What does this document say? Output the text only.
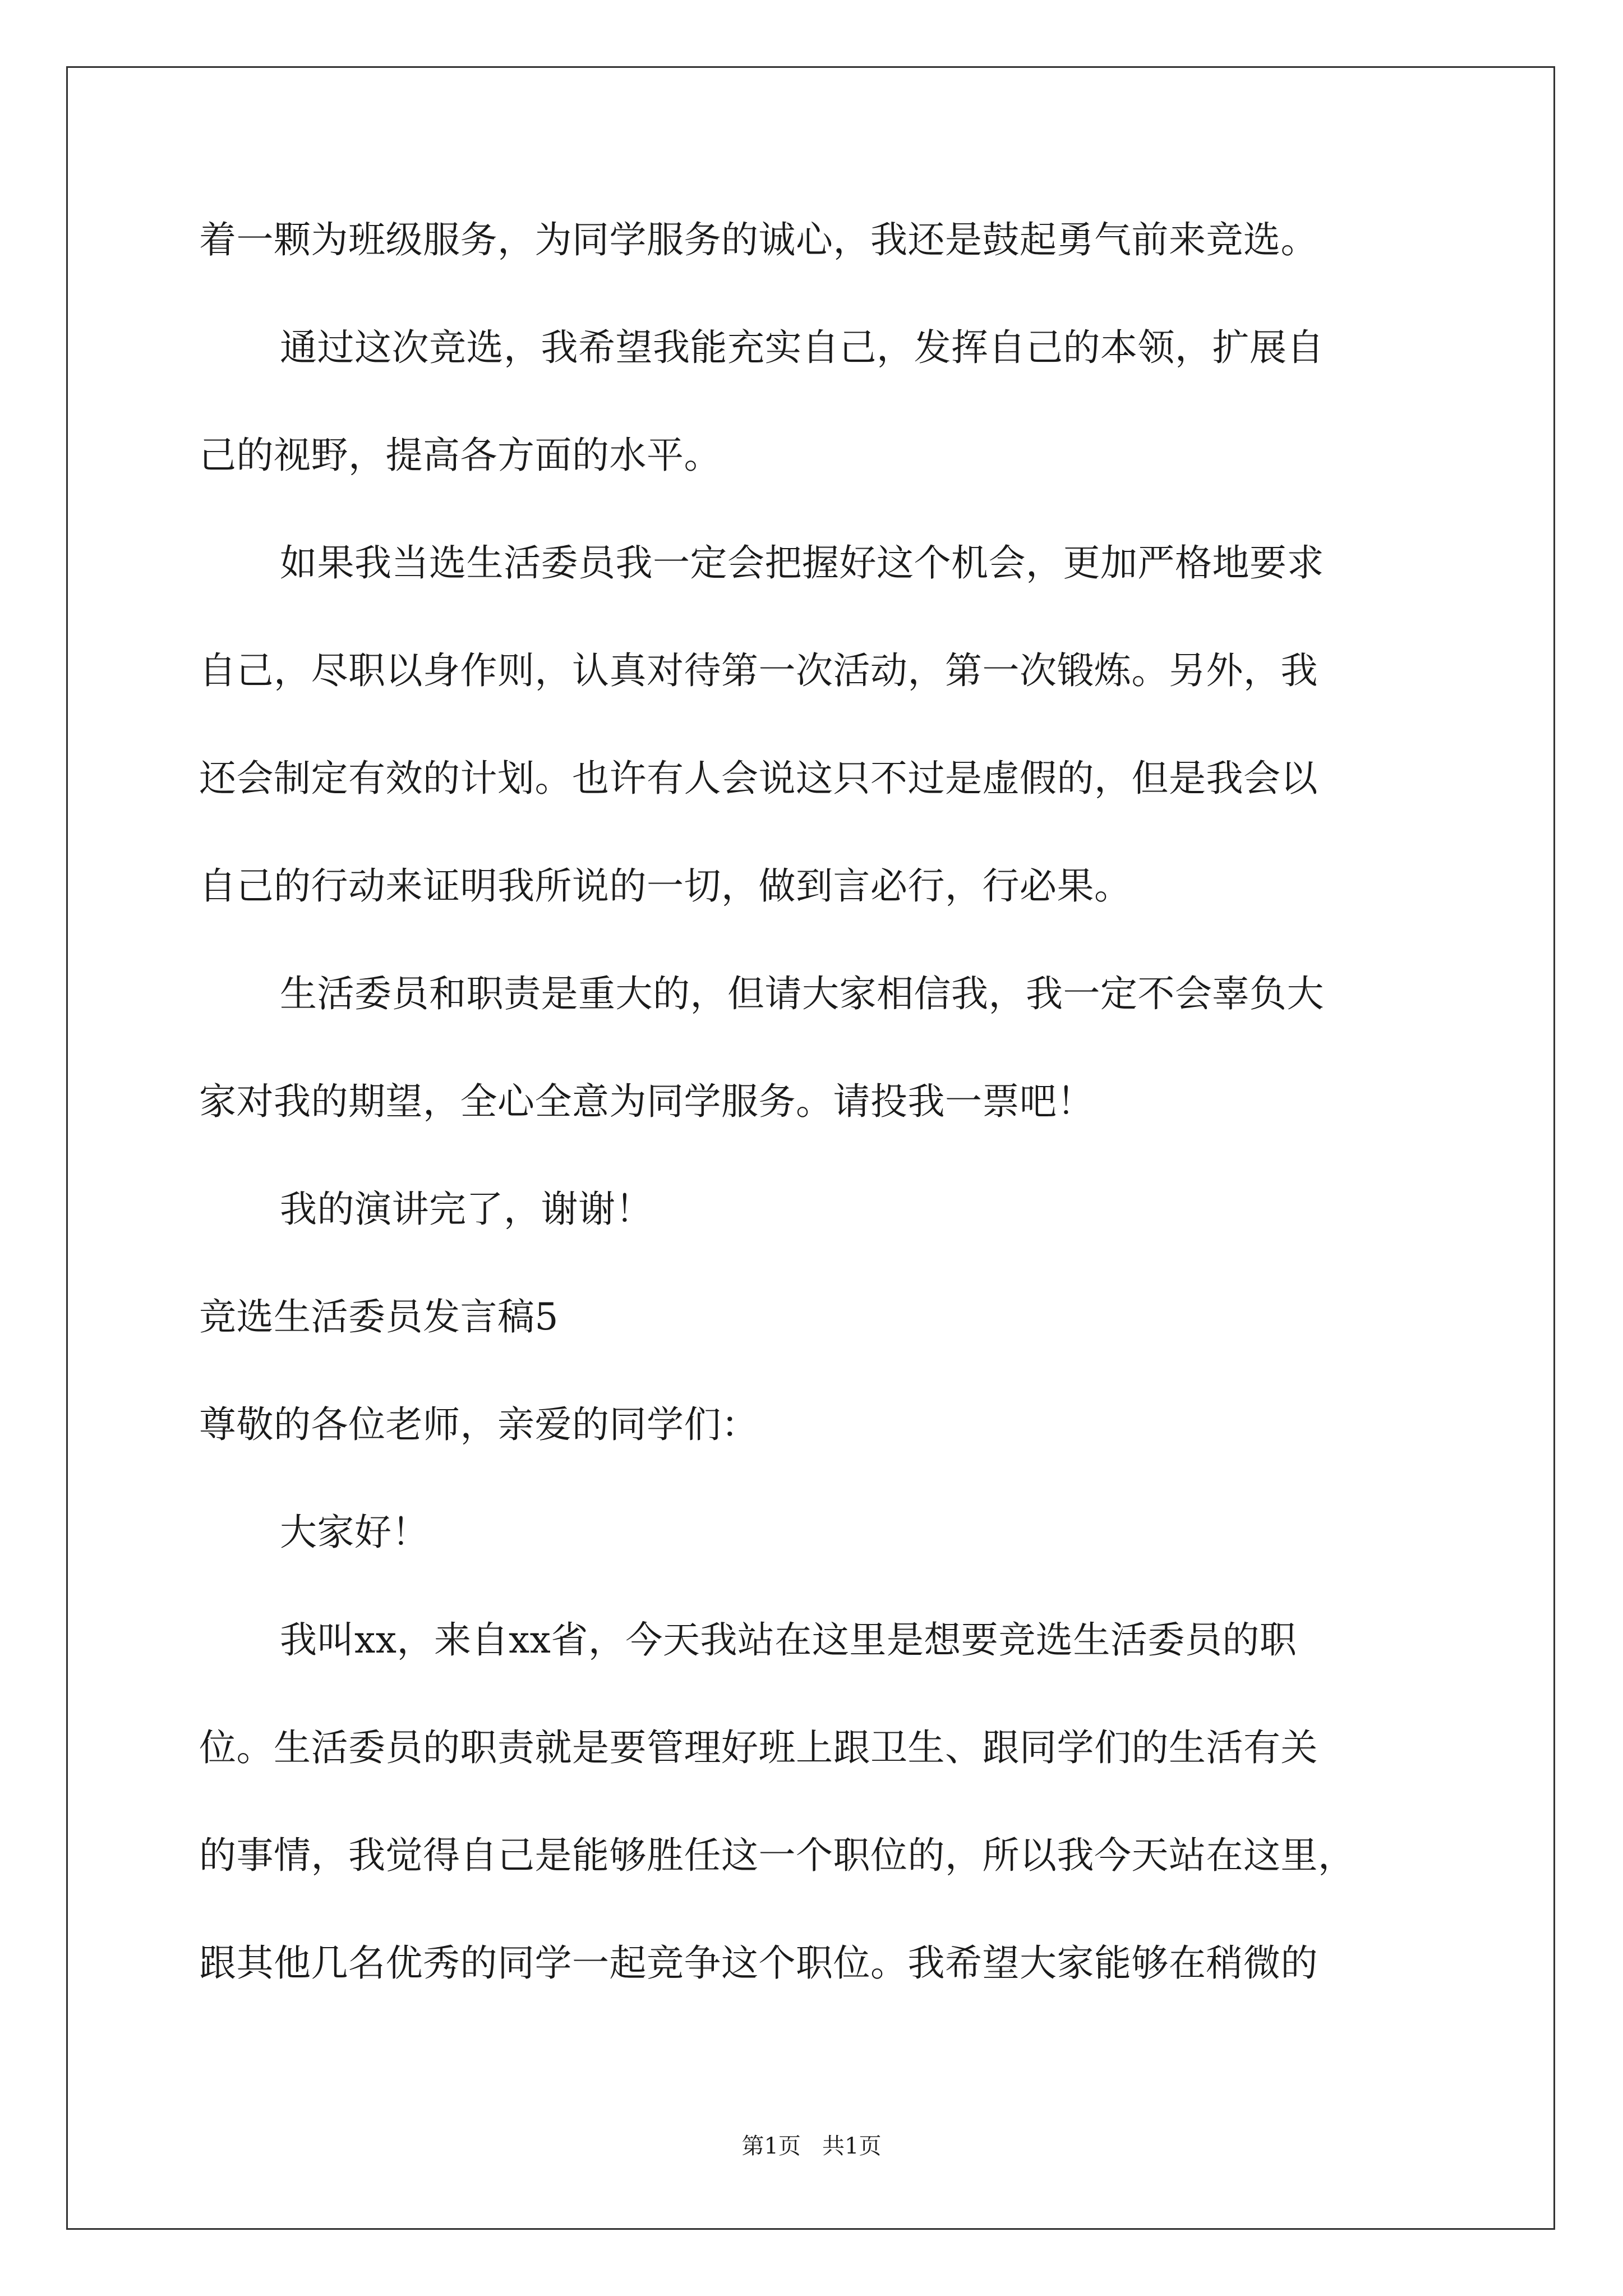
着一颗为班级服务，为同学服务的诚心，我还是鼓起勇气前来竞选。
通过这次竞选，我希望我能充实自己，发挥自己的本领，扩展自
己的视野，提高各方面的水平。
如果我当选生活委员我一定会把握好这个机会，更加严格地要求
自己，尽职以身作则，认真对待第一次活动，第一次锻炼。另外，我
还会制定有效的计划。也许有人会说这只不过是虚假的，但是我会以
自己的行动来证明我所说的一切，做到言必行，行必果。
生活委员和职责是重大的，但请大家相信我，我一定不会辜负大
家对我的期望，全心全意为同学服务。请投我一票吧！
我的演讲完了，谢谢！
竞选生活委员发言稿5
尊敬的各位老师，亲爱的同学们：
大家好！
我叫xx，来自xx省，今天我站在这里是想要竞选生活委员的职
位。生活委员的职责就是要管理好班上跟卫生、跟同学们的生活有关
的事情，我觉得自己是能够胜任这一个职位的，所以我今天站在这里，
跟其他几名优秀的同学一起竞争这个职位。我希望大家能够在稍微的
第1页   共1页
